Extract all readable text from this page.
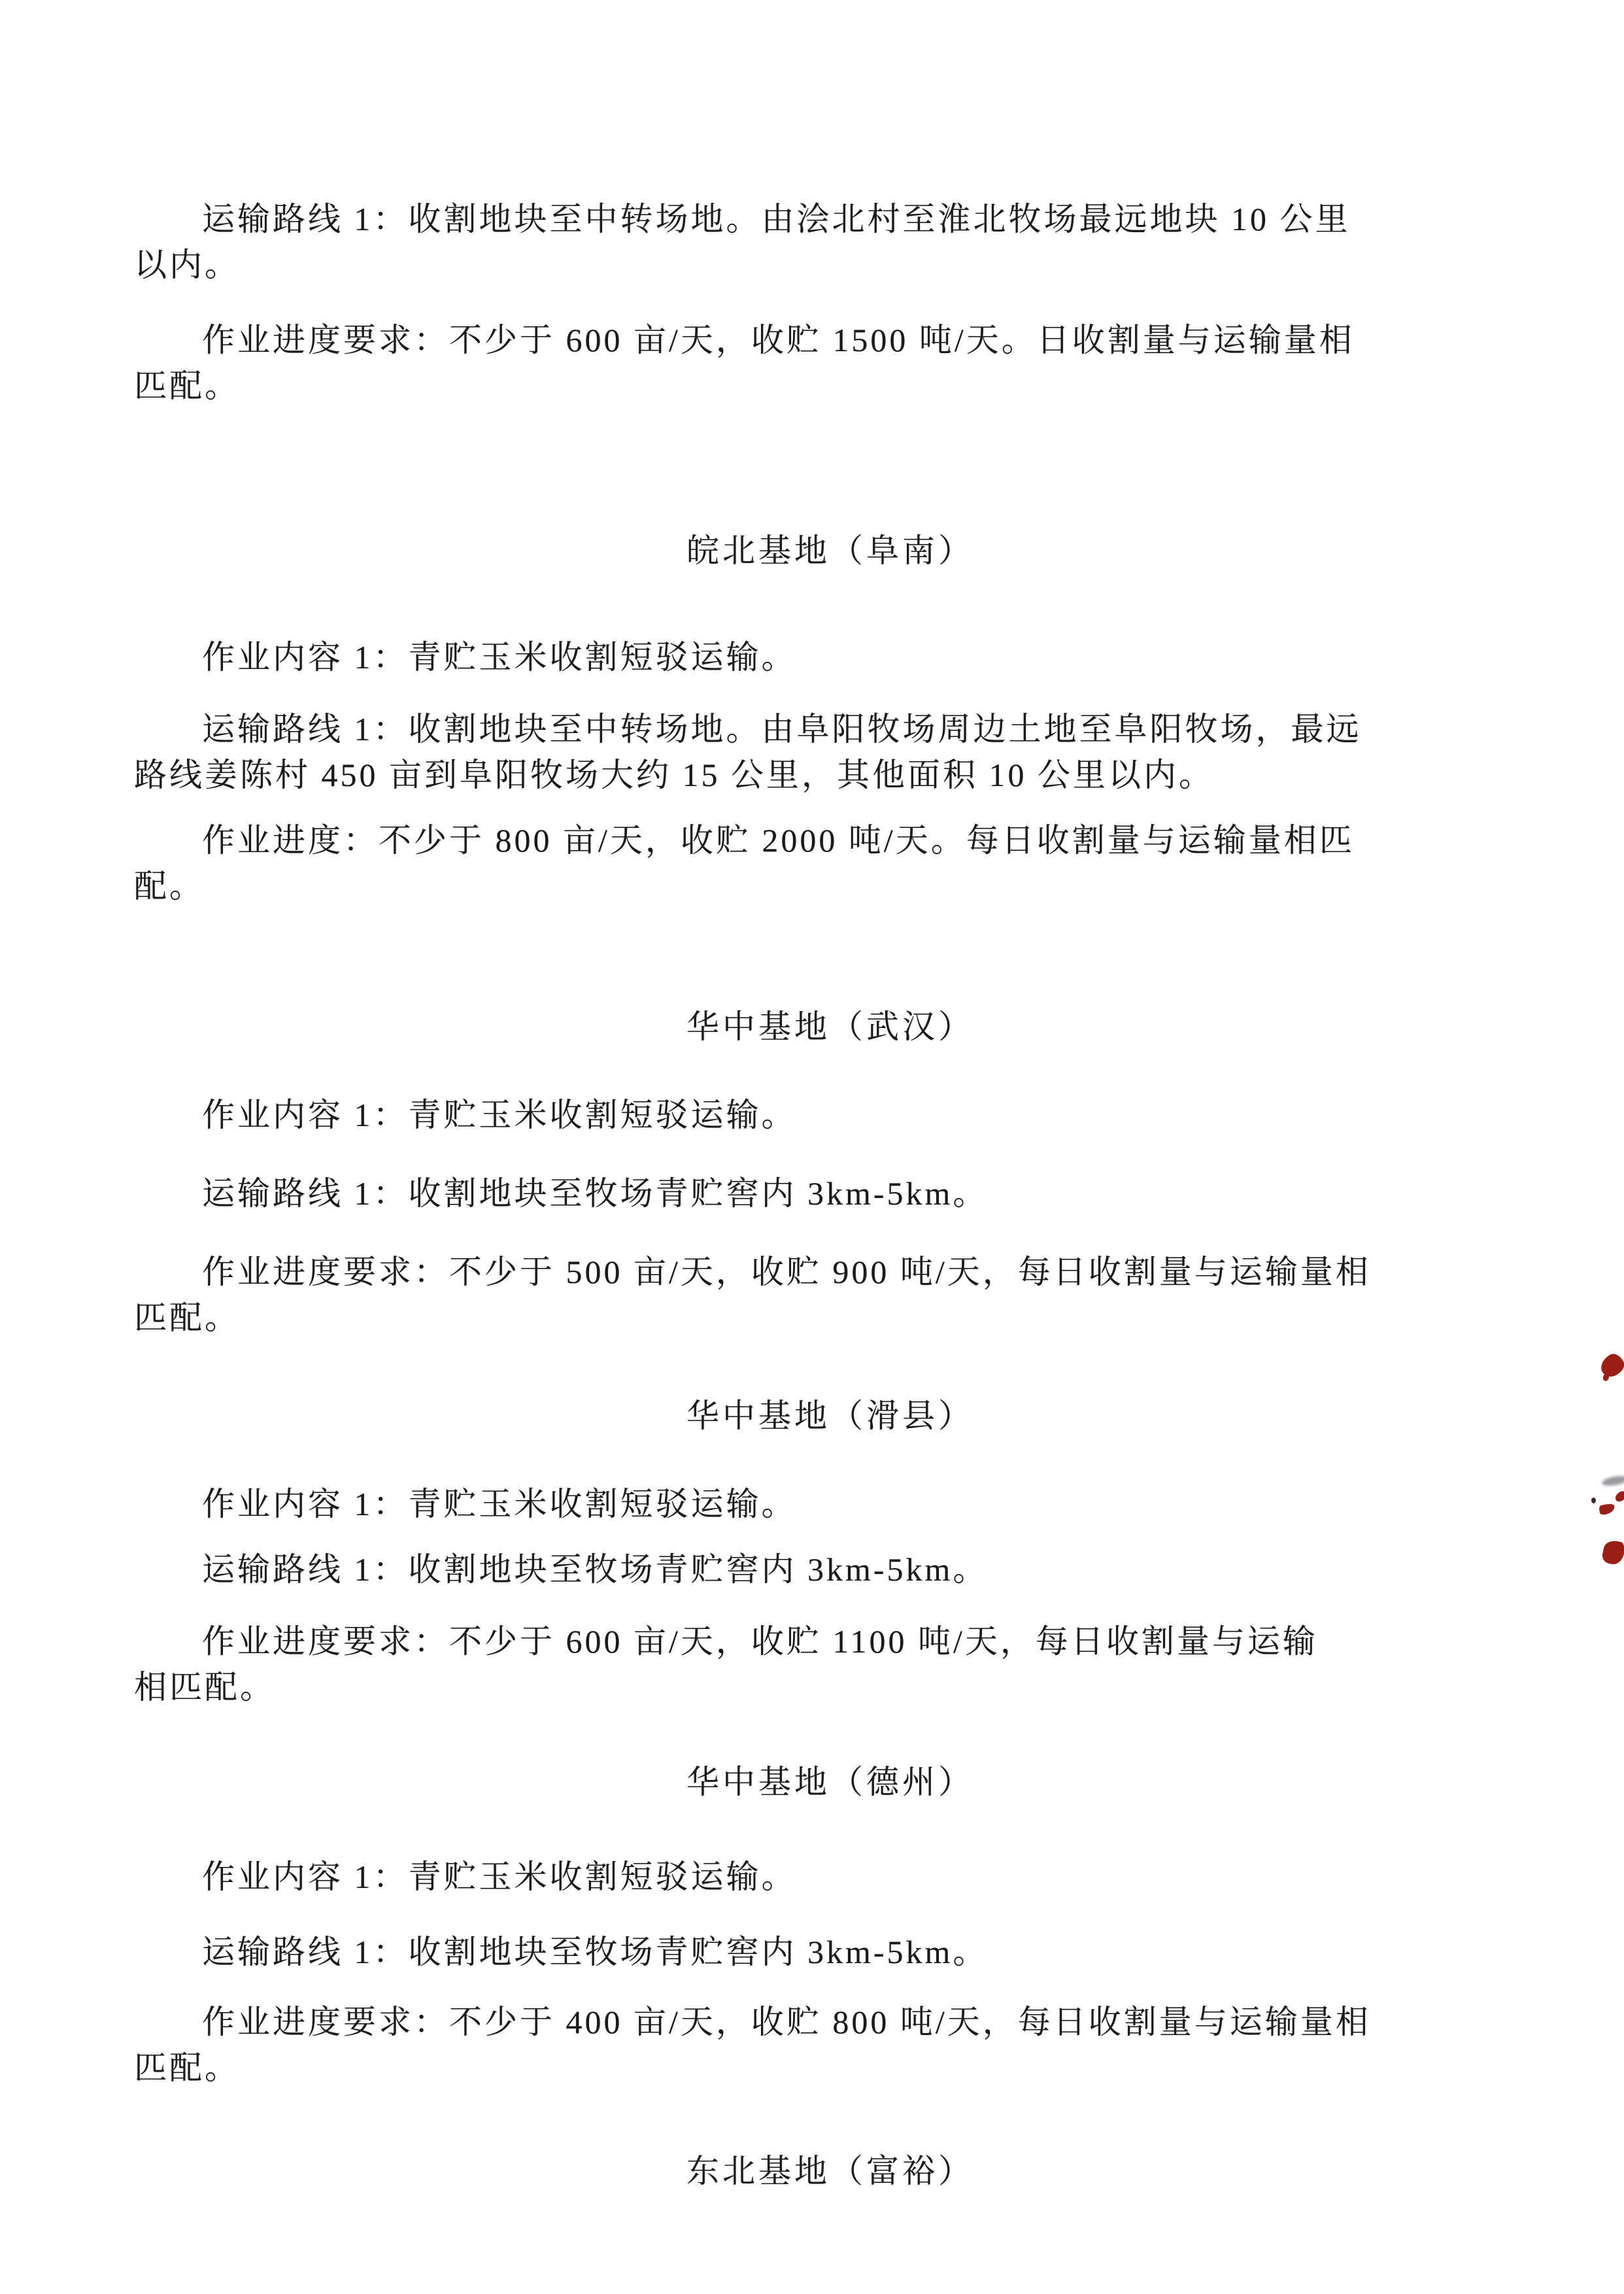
运输路线 1：收割地块至中转场地。由浍北村至淮北牧场最远地块 10 公里
以内。
作业进度要求：不少于 600 亩/天，收贮 1500 吨/天。日收割量与运输量相
匹配。
皖北基地（阜南）
作业内容 1：青贮玉米收割短驳运输。
运输路线 1：收割地块至中转场地。由阜阳牧场周边土地至阜阳牧场，最远
路线姜陈村 450 亩到阜阳牧场大约 15 公里，其他面积 10 公里以内。
作业进度：不少于 800 亩/天，收贮 2000 吨/天。每日收割量与运输量相匹
配。
华中基地（武汉）
作业内容 1：青贮玉米收割短驳运输。
运输路线 1：收割地块至牧场青贮窖内 3km-5km。
作业进度要求：不少于 500 亩/天，收贮 900 吨/天，每日收割量与运输量相
匹配。
华中基地（滑县）
作业内容 1：青贮玉米收割短驳运输。
运输路线 1：收割地块至牧场青贮窖内 3km-5km。
作业进度要求：不少于 600 亩/天，收贮 1100 吨/天，每日收割量与运输
相匹配。
华中基地（德州）
作业内容 1：青贮玉米收割短驳运输。
运输路线 1：收割地块至牧场青贮窖内 3km-5km。
作业进度要求：不少于 400 亩/天，收贮 800 吨/天，每日收割量与运输量相
匹配。
东北基地（富裕）
